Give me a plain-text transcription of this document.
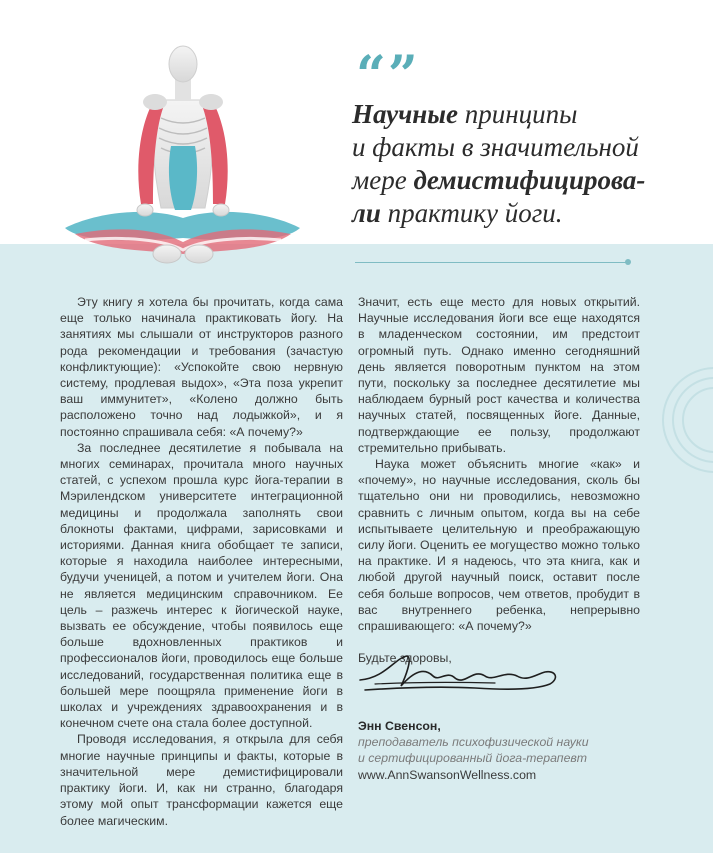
“”
Научные принципы
и факты в значительной
мере демистифицирова-
ли практику йоги.

Эту книгу я хотела бы прочитать, когда сама еще только начинала практиковать йогу. На занятиях мы слышали от инструкторов разного рода рекомендации и требования (зачастую конфликтующие): «Успокойте свою нервную систему, продлевая выдох», «Эта поза укрепит ваш иммунитет», «Колено должно быть расположено точно над лодыжкой», и я постоянно спрашивала себя: «А почему?»

За последнее десятилетие я побывала на многих семинарах, прочитала много научных статей, с успехом прошла курс йога-терапии в Мэрилендском университете интеграционной медицины и продолжала заполнять свои блокноты фактами, цифрами, зарисовками и историями. Данная книга обобщает те записи, которые я находила наиболее интересными, будучи ученицей, а потом и учителем йоги. Она не является медицинским справочником. Ее цель – разжечь интерес к йогической науке, вызвать ее обсуждение, чтобы появилось еще больше вдохновленных практиков и профессионалов йоги, проводилось еще больше исследований, государственная политика еще в большей мере поощряла применение йоги в школах и учреждениях здравоохранения и в конечном счете она стала более доступной.

Проводя исследования, я открыла для себя многие научные принципы и факты, которые в значительной мере демистифицировали практику йоги. И, как ни странно, благодаря этому мой опыт трансформации кажется еще более магическим.

Значит, есть еще место для новых открытий. Научные исследования йоги все еще находятся в младенческом состоянии, им предстоит огромный путь. Однако именно сегодняшний день является поворотным пунктом на этом пути, поскольку за последнее десятилетие мы наблюдаем бурный рост качества и количества научных статей, посвященных йоге. Данные, подтверждающие ее пользу, продолжают стремительно прибывать.

Наука может объяснить многие «как» и «почему», но научные исследования, сколь бы тщательно они ни проводились, невозможно сравнить с личным опытом, когда вы на себе испытываете целительную и преображающую силу йоги. Оценить ее могущество можно только на практике. И я надеюсь, что эта книга, как и любой другой научный поиск, оставит после себя больше вопросов, чем ответов, пробудит в вас внутреннего ребенка, непрерывно спрашивающего: «А почему?»

Будьте здоровы,

Энн Свенсон,
преподаватель психофизической науки
и сертифицированный йога-терапевт
www.AnnSwansonWellness.com
